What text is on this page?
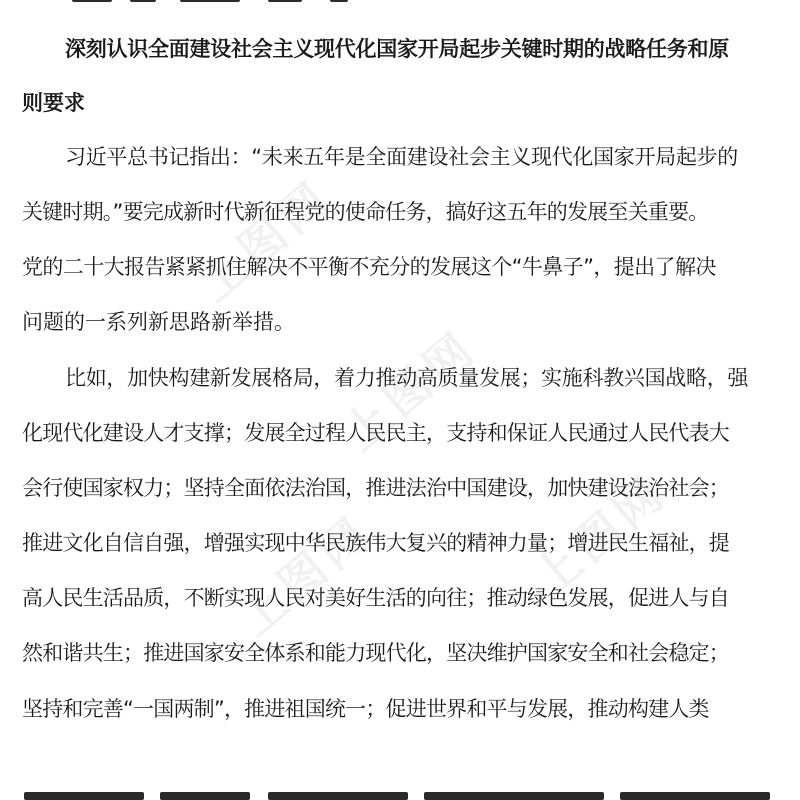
上图网
上图网
上图网	上图网
深刻认识全面建设社会主义现代化国家开局起步关键时期的战略任务和原
则要求
习近平总书记指出：“未来五年是全面建设社会主义现代化国家开局起步的
关键时期。”要完成新时代新征程党的使命任务，搞好这五年的发展至关重要。
党的二十大报告紧紧抓住解决不平衡不充分的发展这个“牛鼻子”，提出了解决
问题的一系列新思路新举措。
比如，加快构建新发展格局，着力推动高质量发展；实施科教兴国战略，强
化现代化建设人才支撑；发展全过程人民民主，支持和保证人民通过人民代表大
会行使国家权力；坚持全面依法治国，推进法治中国建设，加快建设法治社会；
推进文化自信自强，增强实现中华民族伟大复兴的精神力量；增进民生福祉，提
高人民生活品质，不断实现人民对美好生活的向往；推动绿色发展，促进人与自
然和谐共生；推进国家安全体系和能力现代化，坚决维护国家安全和社会稳定；
坚持和完善“一国两制”，推进祖国统一；促进世界和平与发展，推动构建人类
